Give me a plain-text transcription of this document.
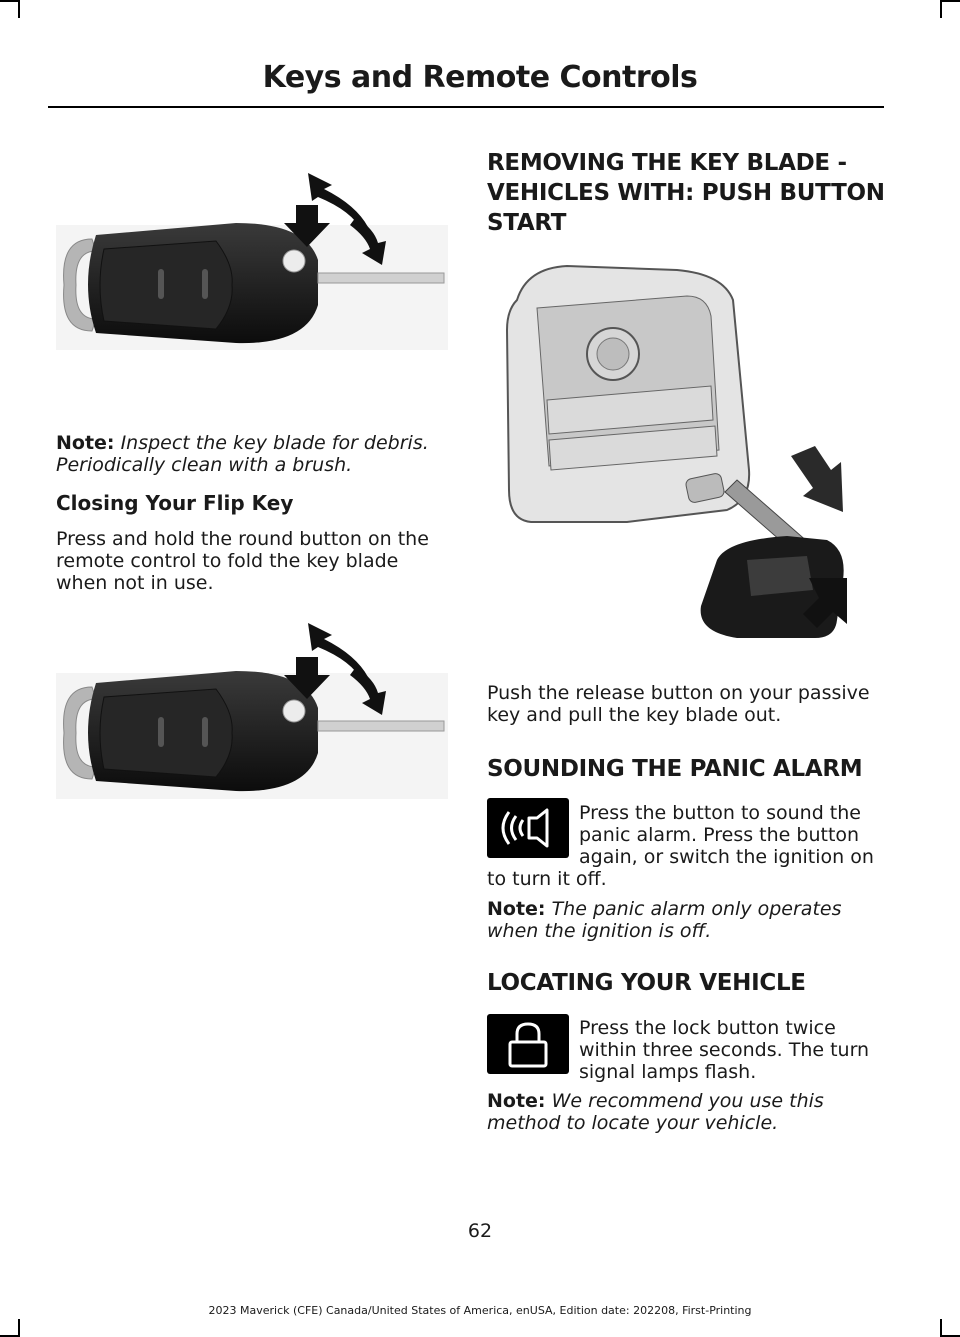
Keys and Remote Controls

Note: Inspect the key blade for debris. Periodically clean with a brush.

Closing Your Flip Key

Press and hold the round button on the remote control to fold the key blade when not in use.

REMOVING THE KEY BLADE - VEHICLES WITH: PUSH BUTTON START

Push the release button on your passive key and pull the key blade out.

SOUNDING THE PANIC ALARM

Press the button to sound the panic alarm. Press the button again, or switch the ignition on

to turn it off.

Note: The panic alarm only operates when the ignition is off.

LOCATING YOUR VEHICLE

Press the lock button twice within three seconds. The turn signal lamps flash.

Note: We recommend you use this method to locate your vehicle.

62
2023 Maverick (CFE) Canada/United States of America, enUSA, Edition date: 202208, First-Printing
